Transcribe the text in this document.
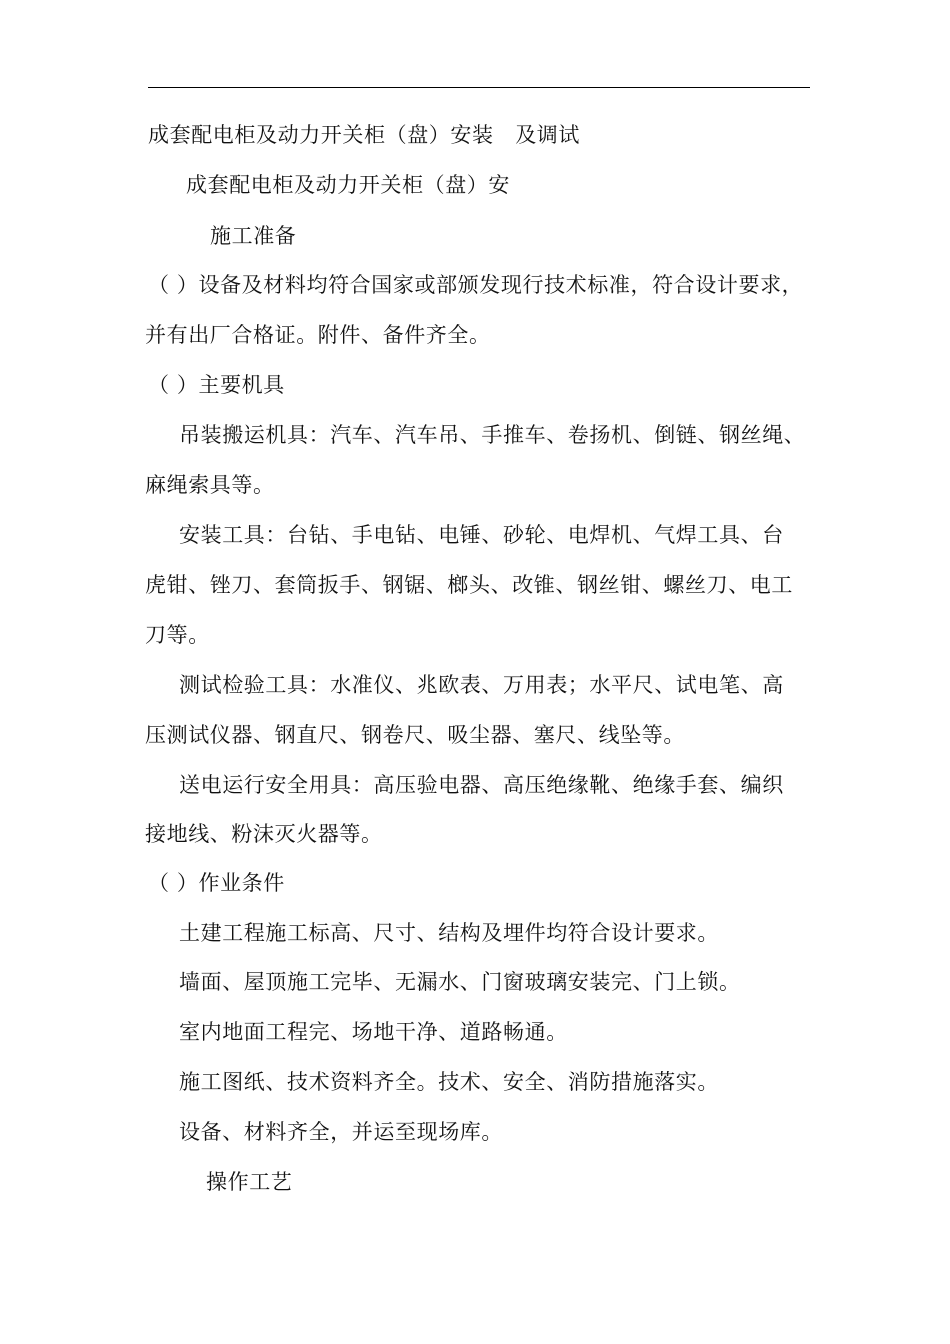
成套配电柜及动力开关柜（盘）安装　及调试
成套配电柜及动力开关柜（盘）安
施工准备
（ ）设备及材料均符合国家或部颁发现行技术标准，符合设计要求，
并有出厂合格证。附件、备件齐全。
（ ）主要机具
吊装搬运机具：汽车、汽车吊、手推车、卷扬机、倒链、钢丝绳、
麻绳索具等。
安装工具：台钻、手电钻、电锤、砂轮、电焊机、气焊工具、台
虎钳、锉刀、套筒扳手、钢锯、榔头、改锥、钢丝钳、螺丝刀、电工
刀等。
测试检验工具：水准仪、兆欧表、万用表；水平尺、试电笔、高
压测试仪器、钢直尺、钢卷尺、吸尘器、塞尺、线坠等。
送电运行安全用具：高压验电器、高压绝缘靴、绝缘手套、编织
接地线、粉沫灭火器等。
（ ）作业条件
土建工程施工标高、尺寸、结构及埋件均符合设计要求。
墙面、屋顶施工完毕、无漏水、门窗玻璃安装完、门上锁。
室内地面工程完、场地干净、道路畅通。
施工图纸、技术资料齐全。技术、安全、消防措施落实。
设备、材料齐全，并运至现场库。
操作工艺
